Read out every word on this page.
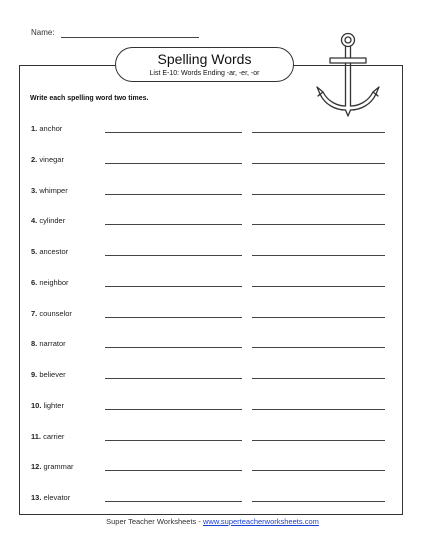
Name:
Spelling Words
List E-10: Words Ending -ar, -er, -or
Write each spelling word two times.
1. anchor
2. vinegar
3. whimper
4. cylinder
5. ancestor
6. neighbor
7. counselor
8. narrator
9. believer
10. lighter
11. carrier
12. grammar
13. elevator
Super Teacher Worksheets - www.superteacherworksheets.com
